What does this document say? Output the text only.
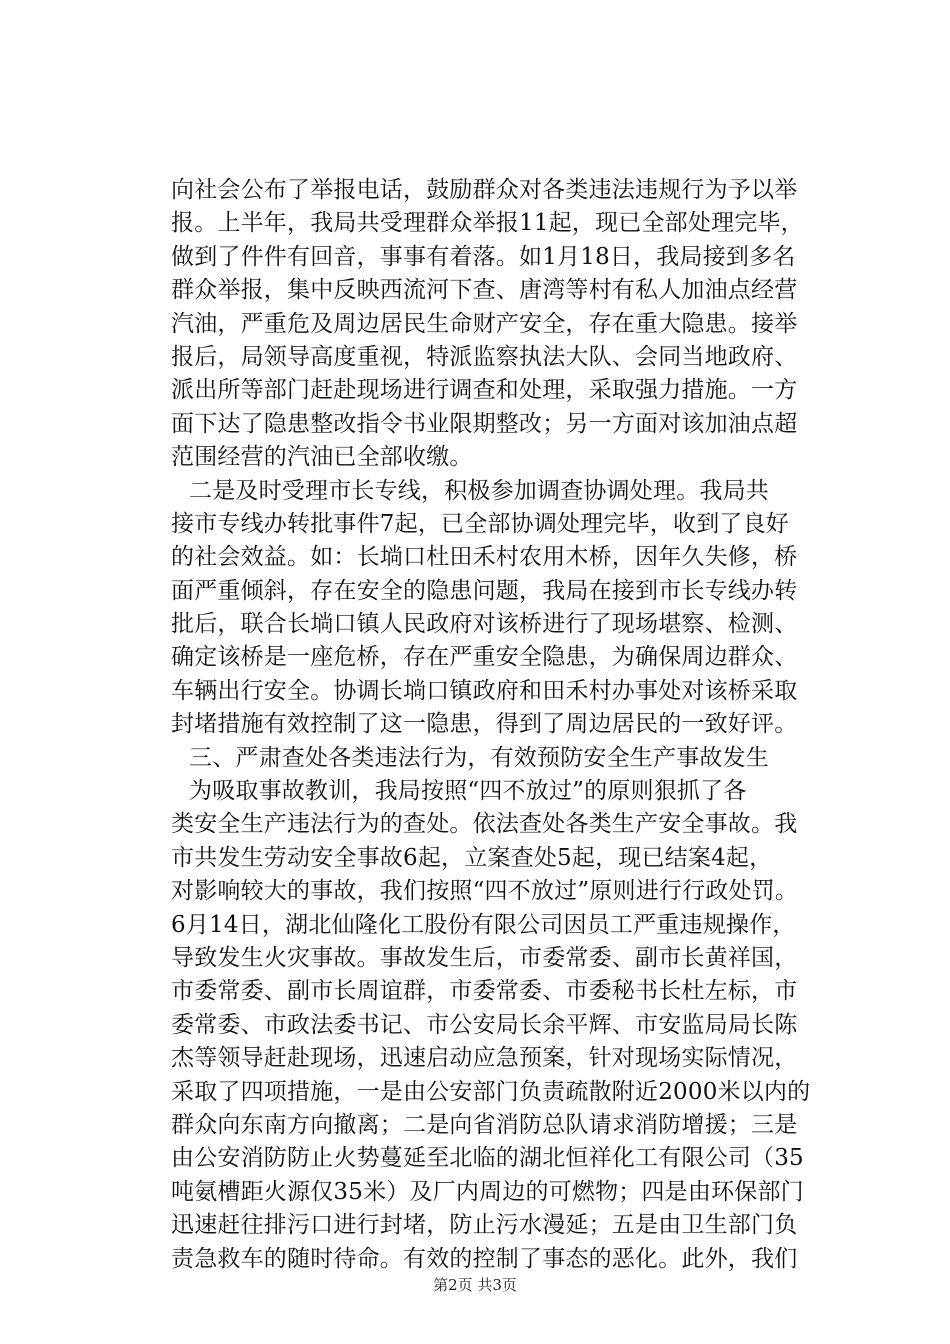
向社会公布了举报电话，鼓励群众对各类违法违规行为予以举
报。上半年，我局共受理群众举报11起，现已全部处理完毕，
做到了件件有回音，事事有着落。如1月18日，我局接到多名
群众举报，集中反映西流河下查、唐湾等村有私人加油点经营
汽油，严重危及周边居民生命财产安全，存在重大隐患。接举
报后，局领导高度重视，特派监察执法大队、会同当地政府、
派出所等部门赶赴现场进行调查和处理，采取强力措施。一方
面下达了隐患整改指令书业限期整改；另一方面对该加油点超
范围经营的汽油已全部收缴。
二是及时受理市长专线，积极参加调查协调处理。我局共
接市专线办转批事件7起，已全部协调处理完毕，收到了良好
的社会效益。如：长埫口杜田禾村农用木桥，因年久失修，桥
面严重倾斜，存在安全的隐患问题，我局在接到市长专线办转
批后，联合长埫口镇人民政府对该桥进行了现场堪察、检测、
确定该桥是一座危桥，存在严重安全隐患，为确保周边群众、
车辆出行安全。协调长埫口镇政府和田禾村办事处对该桥采取
封堵措施有效控制了这一隐患，得到了周边居民的一致好评。
三、严肃查处各类违法行为，有效预防安全生产事故发生
为吸取事故教训，我局按照“四不放过”的原则狠抓了各
类安全生产违法行为的查处。依法查处各类生产安全事故。我
市共发生劳动安全事故6起，立案查处5起，现已结案4起，
对影响较大的事故，我们按照“四不放过”原则进行行政处罚。
6月14日，湖北仙隆化工股份有限公司因员工严重违规操作，
导致发生火灾事故。事故发生后，市委常委、副市长黄祥国，
市委常委、副市长周谊群，市委常委、市委秘书长杜左标，市
委常委、市政法委书记、市公安局长余平辉、市安监局局长陈
杰等领导赶赴现场，迅速启动应急预案，针对现场实际情况，
采取了四项措施，一是由公安部门负责疏散附近2000米以内的
群众向东南方向撤离；二是向省消防总队请求消防增援；三是
由公安消防防止火势蔓延至北临的湖北恒祥化工有限公司（35
吨氨槽距火源仅35米）及厂内周边的可燃物；四是由环保部门
迅速赶往排污口进行封堵，防止污水漫延；五是由卫生部门负
责急救车的随时待命。有效的控制了事态的恶化。此外，我们
第2页 共3页
